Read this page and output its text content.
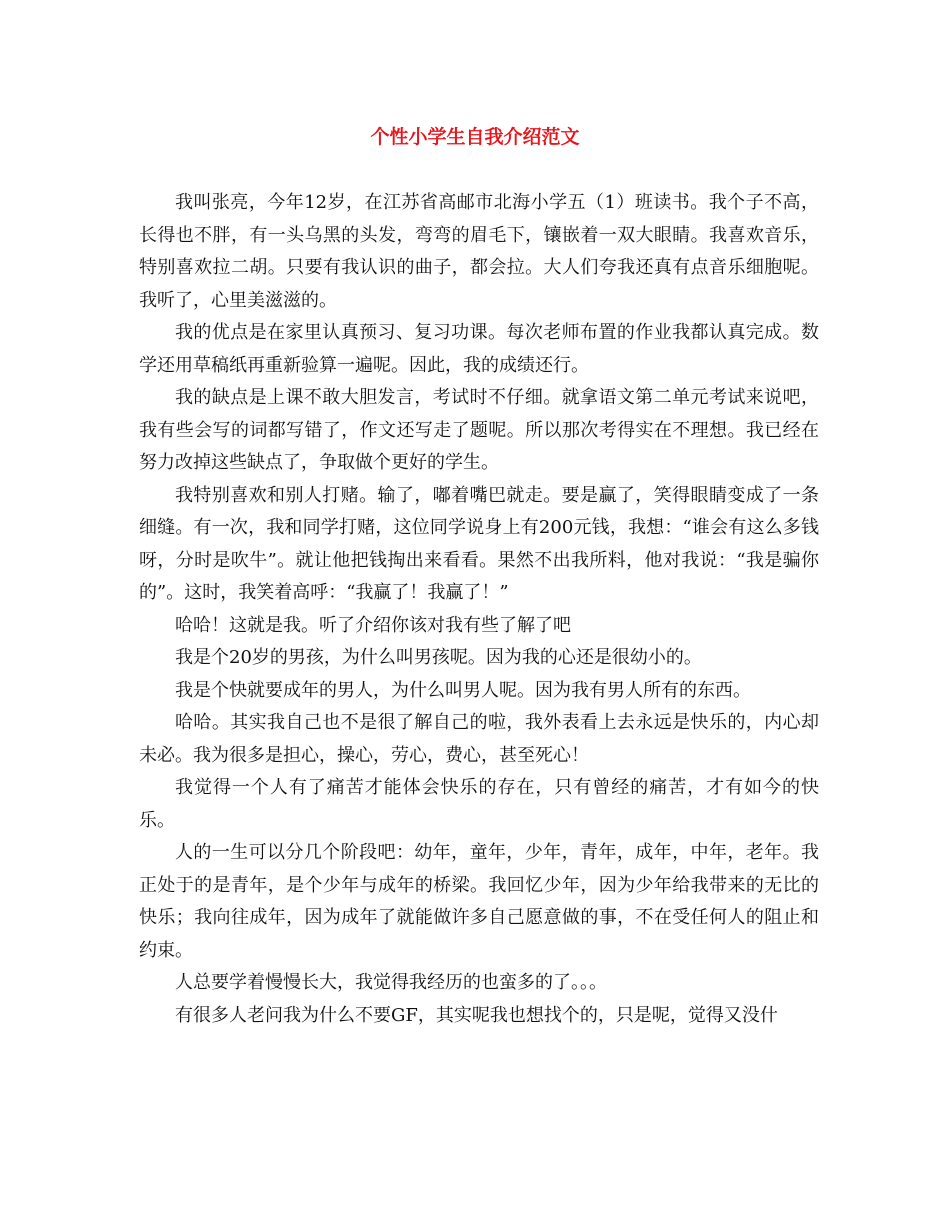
个性小学生自我介绍范文

我叫张亮，今年12岁，在江苏省高邮市北海小学五（1）班读书。我个子不高，长得也不胖，有一头乌黑的头发，弯弯的眉毛下，镶嵌着一双大眼睛。我喜欢音乐，特别喜欢拉二胡。只要有我认识的曲子，都会拉。大人们夸我还真有点音乐细胞呢。我听了，心里美滋滋的。

我的优点是在家里认真预习、复习功课。每次老师布置的作业我都认真完成。数学还用草稿纸再重新验算一遍呢。因此，我的成绩还行。

我的缺点是上课不敢大胆发言，考试时不仔细。就拿语文第二单元考试来说吧，我有些会写的词都写错了，作文还写走了题呢。所以那次考得实在不理想。我已经在努力改掉这些缺点了，争取做个更好的学生。

我特别喜欢和别人打赌。输了，嘟着嘴巴就走。要是赢了，笑得眼睛变成了一条细缝。有一次，我和同学打赌，这位同学说身上有200元钱，我想：“谁会有这么多钱呀，分时是吹牛”。就让他把钱掏出来看看。果然不出我所料，他对我说：“我是骗你的”。这时，我笑着高呼：“我赢了！我赢了！”

哈哈！这就是我。听了介绍你该对我有些了解了吧

我是个20岁的男孩，为什么叫男孩呢。因为我的心还是很幼小的。

我是个快就要成年的男人，为什么叫男人呢。因为我有男人所有的东西。

哈哈。其实我自己也不是很了解自己的啦，我外表看上去永远是快乐的，内心却未必。我为很多是担心，操心，劳心，费心，甚至死心！

我觉得一个人有了痛苦才能体会快乐的存在，只有曾经的痛苦，才有如今的快乐。

人的一生可以分几个阶段吧：幼年，童年，少年，青年，成年，中年，老年。我正处于的是青年，是个少年与成年的桥梁。我回忆少年，因为少年给我带来的无比的快乐；我向往成年，因为成年了就能做许多自己愿意做的事，不在受任何人的阻止和约束。

人总要学着慢慢长大，我觉得我经历的也蛮多的了。。。

有很多人老问我为什么不要GF，其实呢我也想找个的，只是呢，觉得又没什
